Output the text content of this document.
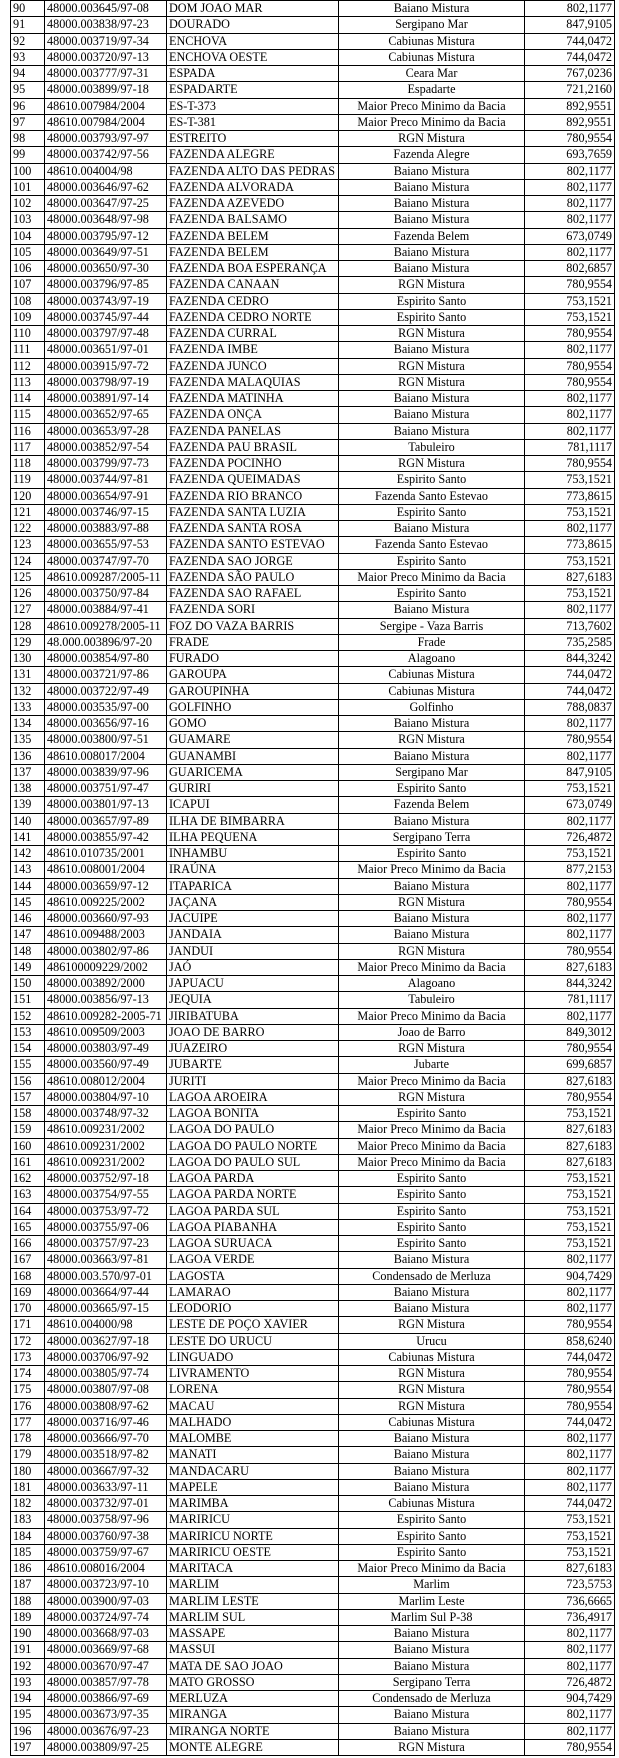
90	48000.003645/97-08	DOM JOAO MAR	Baiano Mistura	802,1177
91	48000.003838/97-23	DOURADO	Sergipano Mar	847,9105
92	48000.003719/97-34	ENCHOVA	Cabiunas Mistura	744,0472
93	48000.003720/97-13	ENCHOVA OESTE	Cabiunas Mistura	744,0472
94	48000.003777/97-31	ESPADA	Ceara Mar	767,0236
95	48000.003899/97-18	ESPADARTE	Espadarte	721,2160
96	48610.007984/2004	ES-T-373	Maior Preco Minimo da Bacia	892,9551
97	48610.007984/2004	ES-T-381	Maior Preco Minimo da Bacia	892,9551
98	48000.003793/97-97	ESTREITO	RGN Mistura	780,9554
99	48000.003742/97-56	FAZENDA ALEGRE	Fazenda Alegre	693,7659
100	48610.004004/98	FAZENDA ALTO DAS PEDRAS	Baiano Mistura	802,1177
101	48000.003646/97-62	FAZENDA ALVORADA	Baiano Mistura	802,1177
102	48000.003647/97-25	FAZENDA AZEVEDO	Baiano Mistura	802,1177
103	48000.003648/97-98	FAZENDA BALSAMO	Baiano Mistura	802,1177
104	48000.003795/97-12	FAZENDA BELEM	Fazenda Belem	673,0749
105	48000.003649/97-51	FAZENDA BELEM	Baiano Mistura	802,1177
106	48000.003650/97-30	FAZENDA BOA ESPERANÇA	Baiano Mistura	802,6857
107	48000.003796/97-85	FAZENDA CANAAN	RGN Mistura	780,9554
108	48000.003743/97-19	FAZENDA CEDRO	Espirito Santo	753,1521
109	48000.003745/97-44	FAZENDA CEDRO NORTE	Espirito Santo	753,1521
110	48000.003797/97-48	FAZENDA CURRAL	RGN Mistura	780,9554
111	48000.003651/97-01	FAZENDA IMBE	Baiano Mistura	802,1177
112	48000.003915/97-72	FAZENDA JUNCO	RGN Mistura	780,9554
113	48000.003798/97-19	FAZENDA MALAQUIAS	RGN Mistura	780,9554
114	48000.003891/97-14	FAZENDA MATINHA	Baiano Mistura	802,1177
115	48000.003652/97-65	FAZENDA ONÇA	Baiano Mistura	802,1177
116	48000.003653/97-28	FAZENDA PANELAS	Baiano Mistura	802,1177
117	48000.003852/97-54	FAZENDA PAU BRASIL	Tabuleiro	781,1117
118	48000.003799/97-73	FAZENDA POCINHO	RGN Mistura	780,9554
119	48000.003744/97-81	FAZENDA QUEIMADAS	Espirito Santo	753,1521
120	48000.003654/97-91	FAZENDA RIO BRANCO	Fazenda Santo Estevao	773,8615
121	48000.003746/97-15	FAZENDA SANTA LUZIA	Espirito Santo	753,1521
122	48000.003883/97-88	FAZENDA SANTA ROSA	Baiano Mistura	802,1177
123	48000.003655/97-53	FAZENDA SANTO ESTEVAO	Fazenda Santo Estevao	773,8615
124	48000.003747/97-70	FAZENDA SAO JORGE	Espirito Santo	753,1521
125	48610.009287/2005-11	FAZENDA SÃO PAULO	Maior Preco Minimo da Bacia	827,6183
126	48000.003750/97-84	FAZENDA SAO RAFAEL	Espirito Santo	753,1521
127	48000.003884/97-41	FAZENDA SORI	Baiano Mistura	802,1177
128	48610.009278/2005-11	FOZ DO VAZA BARRIS	Sergipe - Vaza Barris	713,7602
129	48.000.003896/97-20	FRADE	Frade	735,2585
130	48000.003854/97-80	FURADO	Alagoano	844,3242
131	48000.003721/97-86	GAROUPA	Cabiunas Mistura	744,0472
132	48000.003722/97-49	GAROUPINHA	Cabiunas Mistura	744,0472
133	48000.003535/97-00	GOLFINHO	Golfinho	788,0837
134	48000.003656/97-16	GOMO	Baiano Mistura	802,1177
135	48000.003800/97-51	GUAMARE	RGN Mistura	780,9554
136	48610.008017/2004	GUANAMBI	Baiano Mistura	802,1177
137	48000.003839/97-96	GUARICEMA	Sergipano Mar	847,9105
138	48000.003751/97-47	GURIRI	Espirito Santo	753,1521
139	48000.003801/97-13	ICAPUI	Fazenda Belem	673,0749
140	48000.003657/97-89	ILHA DE BIMBARRA	Baiano Mistura	802,1177
141	48000.003855/97-42	ILHA PEQUENA	Sergipano Terra	726,4872
142	48610.010735/2001	INHAMBU	Espirito Santo	753,1521
143	48610.008001/2004	IRAÚNA	Maior Preco Minimo da Bacia	877,2153
144	48000.003659/97-12	ITAPARICA	Baiano Mistura	802,1177
145	48610.009225/2002	JAÇANA	RGN Mistura	780,9554
146	48000.003660/97-93	JACUIPE	Baiano Mistura	802,1177
147	48610.009488/2003	JANDAIA	Baiano Mistura	802,1177
148	48000.003802/97-86	JANDUI	RGN Mistura	780,9554
149	486100009229/2002	JAÓ	Maior Preco Minimo da Bacia	827,6183
150	48000.003892/2000	JAPUACU	Alagoano	844,3242
151	48000.003856/97-13	JEQUIA	Tabuleiro	781,1117
152	48610.009282-2005-71	JIRIBATUBA	Maior Preco Minimo da Bacia	802,1177
153	48610.009509/2003	JOAO DE BARRO	Joao de Barro	849,3012
154	48000.003803/97-49	JUAZEIRO	RGN Mistura	780,9554
155	48000.003560/97-49	JUBARTE	Jubarte	699,6857
156	48610.008012/2004	JURITI	Maior Preco Minimo da Bacia	827,6183
157	48000.003804/97-10	LAGOA AROEIRA	RGN Mistura	780,9554
158	48000.003748/97-32	LAGOA BONITA	Espirito Santo	753,1521
159	48610.009231/2002	LAGOA DO PAULO	Maior Preco Minimo da Bacia	827,6183
160	48610.009231/2002	LAGOA DO PAULO NORTE	Maior Preco Minimo da Bacia	827,6183
161	48610.009231/2002	LAGOA DO PAULO SUL	Maior Preco Minimo da Bacia	827,6183
162	48000.003752/97-18	LAGOA PARDA	Espirito Santo	753,1521
163	48000.003754/97-55	LAGOA PARDA NORTE	Espirito Santo	753,1521
164	48000.003753/97-72	LAGOA PARDA SUL	Espirito Santo	753,1521
165	48000.003755/97-06	LAGOA PIABANHA	Espirito Santo	753,1521
166	48000.003757/97-23	LAGOA SURUACA	Espirito Santo	753,1521
167	48000.003663/97-81	LAGOA VERDE	Baiano Mistura	802,1177
168	48000.003.570/97-01	LAGOSTA	Condensado de Merluza	904,7429
169	48000.003664/97-44	LAMARAO	Baiano Mistura	802,1177
170	48000.003665/97-15	LEODORIO	Baiano Mistura	802,1177
171	48610.004000/98	LESTE DE POÇO XAVIER	RGN Mistura	780,9554
172	48000.003627/97-18	LESTE DO URUCU	Urucu	858,6240
173	48000.003706/97-92	LINGUADO	Cabiunas Mistura	744,0472
174	48000.003805/97-74	LIVRAMENTO	RGN Mistura	780,9554
175	48000.003807/97-08	LORENA	RGN Mistura	780,9554
176	48000.003808/97-62	MACAU	RGN Mistura	780,9554
177	48000.003716/97-46	MALHADO	Cabiunas Mistura	744,0472
178	48000.003666/97-70	MALOMBE	Baiano Mistura	802,1177
179	48000.003518/97-82	MANATI	Baiano Mistura	802,1177
180	48000.003667/97-32	MANDACARU	Baiano Mistura	802,1177
181	48000.003633/97-11	MAPELE	Baiano Mistura	802,1177
182	48000.003732/97-01	MARIMBA	Cabiunas Mistura	744,0472
183	48000.003758/97-96	MARIRICU	Espirito Santo	753,1521
184	48000.003760/97-38	MARIRICU NORTE	Espirito Santo	753,1521
185	48000.003759/97-67	MARIRICU OESTE	Espirito Santo	753,1521
186	48610.008016/2004	MARITACA	Maior Preco Minimo da Bacia	827,6183
187	48000.003723/97-10	MARLIM	Marlim	723,5753
188	48000.003900/97-03	MARLIM LESTE	Marlim Leste	736,6665
189	48000.003724/97-74	MARLIM SUL	Marlim Sul P-38	736,4917
190	48000.003668/97-03	MASSAPE	Baiano Mistura	802,1177
191	48000.003669/97-68	MASSUI	Baiano Mistura	802,1177
192	48000.003670/97-47	MATA DE SAO JOAO	Baiano Mistura	802,1177
193	48000.003857/97-78	MATO GROSSO	Sergipano Terra	726,4872
194	48000.003866/97-69	MERLUZA	Condensado de Merluza	904,7429
195	48000.003673/97-35	MIRANGA	Baiano Mistura	802,1177
196	48000.003676/97-23	MIRANGA NORTE	Baiano Mistura	802,1177
197	48000.003809/97-25	MONTE ALEGRE	RGN Mistura	780,9554
